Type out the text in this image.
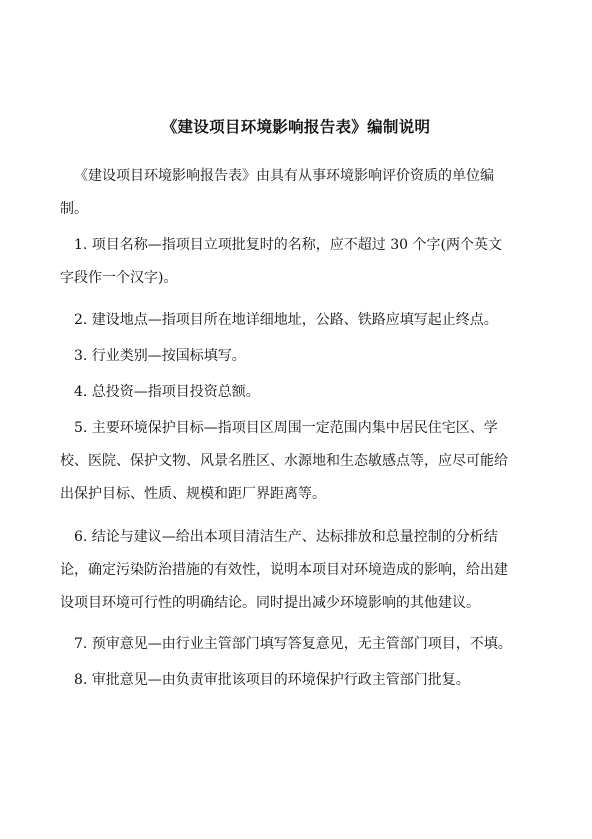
《建设项目环境影响报告表》编制说明
《建设项目环境影响报告表》由具有从事环境影响评价资质的单位编
制。
1. 项目名称—指项目立项批复时的名称，应不超过 30 个字(两个英文
字段作一个汉字)。
2. 建设地点—指项目所在地详细地址，公路、铁路应填写起止终点。
3. 行业类别—按国标填写。
4. 总投资—指项目投资总额。
5. 主要环境保护目标—指项目区周围一定范围内集中居民住宅区、学
校、医院、保护文物、风景名胜区、水源地和生态敏感点等，应尽可能给
出保护目标、性质、规模和距厂界距离等。
6. 结论与建议—给出本项目清洁生产、达标排放和总量控制的分析结
论，确定污染防治措施的有效性，说明本项目对环境造成的影响，给出建
设项目环境可行性的明确结论。同时提出减少环境影响的其他建议。
7. 预审意见—由行业主管部门填写答复意见，无主管部门项目，不填。
8. 审批意见—由负责审批该项目的环境保护行政主管部门批复。
